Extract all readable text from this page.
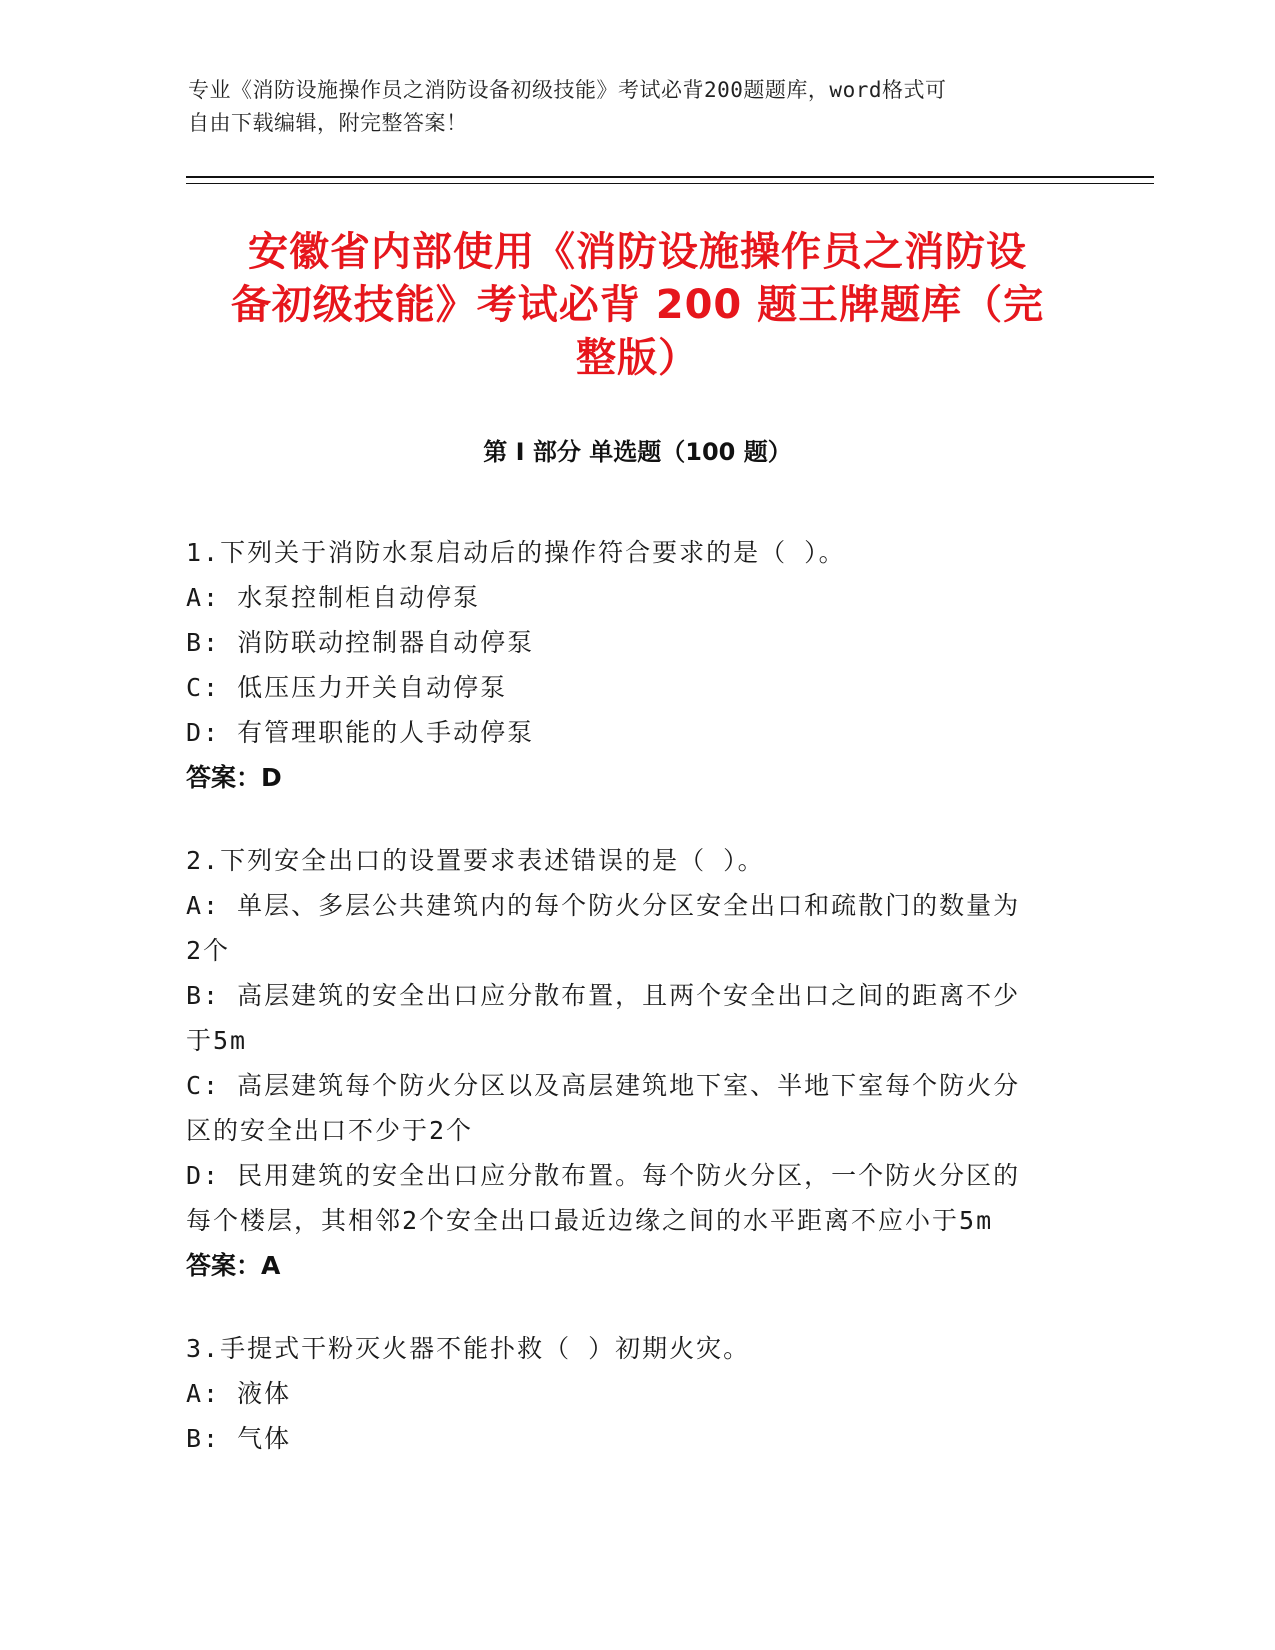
专业《消防设施操作员之消防设备初级技能》考试必背200题题库，word格式可
自由下载编辑，附完整答案！
安徽省内部使用《消防设施操作员之消防设
备初级技能》考试必背 200 题王牌题库（完
整版）
第 I 部分 单选题（100 题）
1.下列关于消防水泵启动后的操作符合要求的是（ ）。
A: 水泵控制柜自动停泵
B: 消防联动控制器自动停泵
C: 低压压力开关自动停泵
D: 有管理职能的人手动停泵
答案：D
2.下列安全出口的设置要求表述错误的是（ ）。
A: 单层、多层公共建筑内的每个防火分区安全出口和疏散门的数量为
2个
B: 高层建筑的安全出口应分散布置，且两个安全出口之间的距离不少
于5m
C: 高层建筑每个防火分区以及高层建筑地下室、半地下室每个防火分
区的安全出口不少于2个
D: 民用建筑的安全出口应分散布置。每个防火分区，一个防火分区的
每个楼层，其相邻2个安全出口最近边缘之间的水平距离不应小于5m
答案：A
3.手提式干粉灭火器不能扑救（ ）初期火灾。
A: 液体
B: 气体
